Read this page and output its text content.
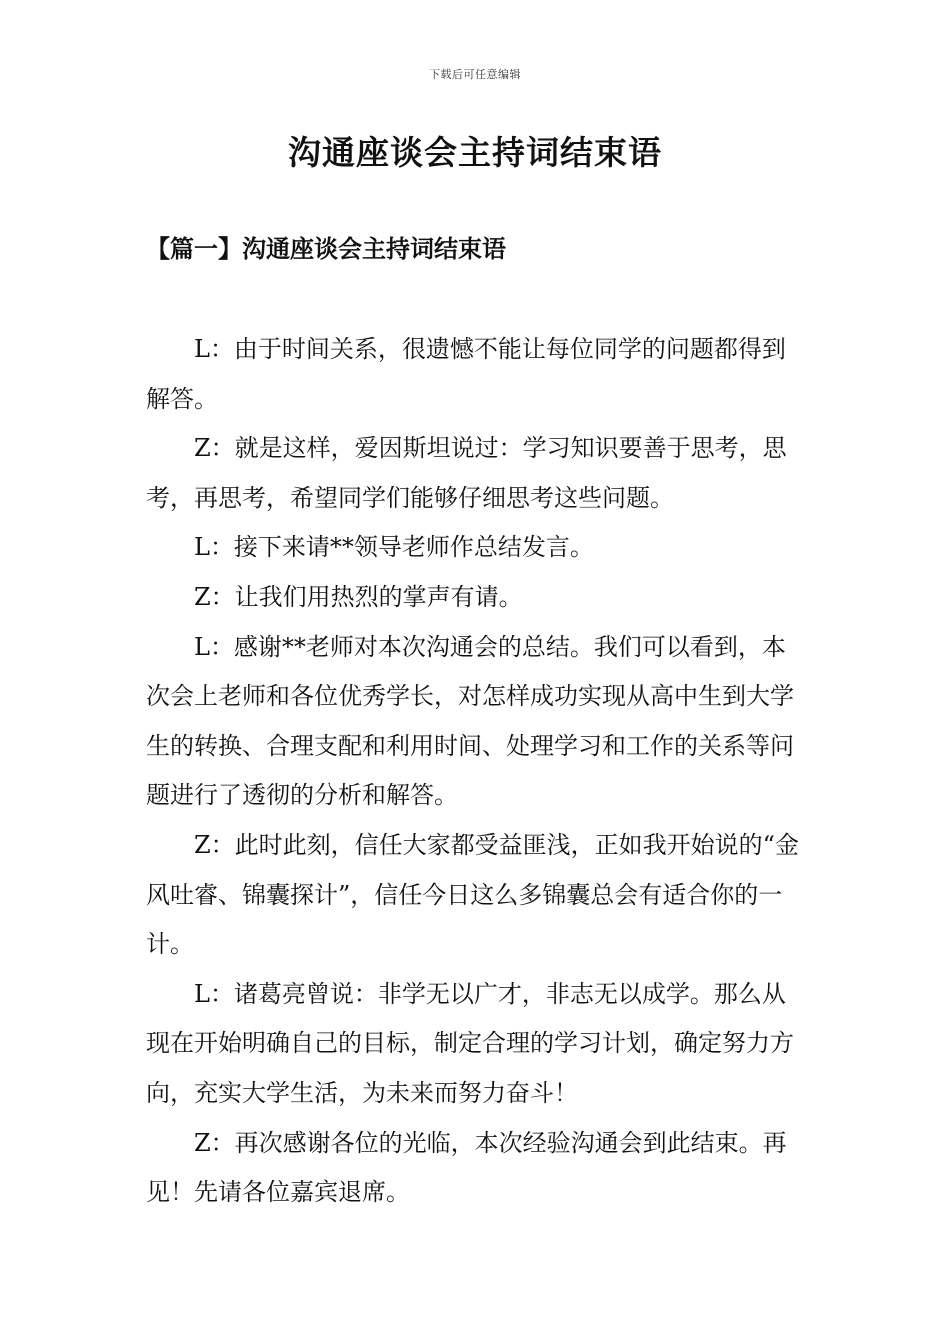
下载后可任意编辑
沟通座谈会主持词结束语
【篇一】沟通座谈会主持词结束语

L：由于时间关系，很遗憾不能让每位同学的问题都得到解答。

Z：就是这样，爱因斯坦说过：学习知识要善于思考，思考，再思考，希望同学们能够仔细思考这些问题。

L：接下来请**领导老师作总结发言。

Z：让我们用热烈的掌声有请。

L：感谢**老师对本次沟通会的总结。我们可以看到，本次会上老师和各位优秀学长，对怎样成功实现从高中生到大学生的转换、合理支配和利用时间、处理学习和工作的关系等问题进行了透彻的分析和解答。

Z：此时此刻，信任大家都受益匪浅，正如我开始说的“金风吐睿、锦囊探计”，信任今日这么多锦囊总会有适合你的一计。

L：诸葛亮曾说：非学无以广才，非志无以成学。那么从现在开始明确自己的目标，制定合理的学习计划，确定努力方向，充实大学生活，为未来而努力奋斗！

Z：再次感谢各位的光临，本次经验沟通会到此结束。再见！先请各位嘉宾退席。
